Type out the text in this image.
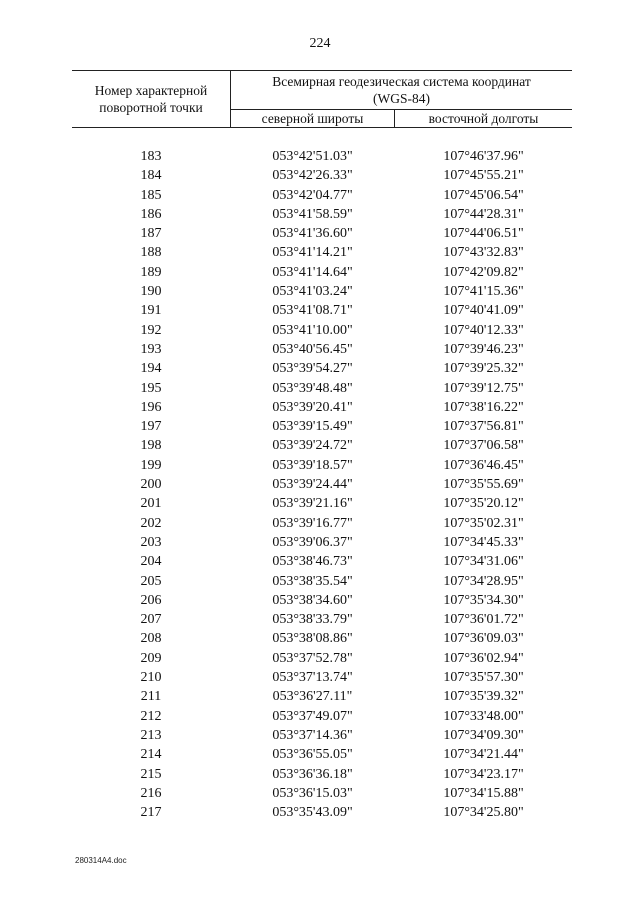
224
Номер характерной
поворотной точки
Всемирная геодезическая система координат
(WGS-84)
северной широты	восточной долготы
183	053°42'51.03"	107°46'37.96"
184	053°42'26.33"	107°45'55.21"
185	053°42'04.77"	107°45'06.54"
186	053°41'58.59"	107°44'28.31"
187	053°41'36.60"	107°44'06.51"
188	053°41'14.21"	107°43'32.83"
189	053°41'14.64"	107°42'09.82"
190	053°41'03.24"	107°41'15.36"
191	053°41'08.71"	107°40'41.09"
192	053°41'10.00"	107°40'12.33"
193	053°40'56.45"	107°39'46.23"
194	053°39'54.27"	107°39'25.32"
195	053°39'48.48"	107°39'12.75"
196	053°39'20.41"	107°38'16.22"
197	053°39'15.49"	107°37'56.81"
198	053°39'24.72"	107°37'06.58"
199	053°39'18.57"	107°36'46.45"
200	053°39'24.44"	107°35'55.69"
201	053°39'21.16"	107°35'20.12"
202	053°39'16.77"	107°35'02.31"
203	053°39'06.37"	107°34'45.33"
204	053°38'46.73"	107°34'31.06"
205	053°38'35.54"	107°34'28.95"
206	053°38'34.60"	107°35'34.30"
207	053°38'33.79"	107°36'01.72"
208	053°38'08.86"	107°36'09.03"
209	053°37'52.78"	107°36'02.94"
210	053°37'13.74"	107°35'57.30"
211	053°36'27.11"	107°35'39.32"
212	053°37'49.07"	107°33'48.00"
213	053°37'14.36"	107°34'09.30"
214	053°36'55.05"	107°34'21.44"
215	053°36'36.18"	107°34'23.17"
216	053°36'15.03"	107°34'15.88"
217	053°35'43.09"	107°34'25.80"
280314A4.doc
